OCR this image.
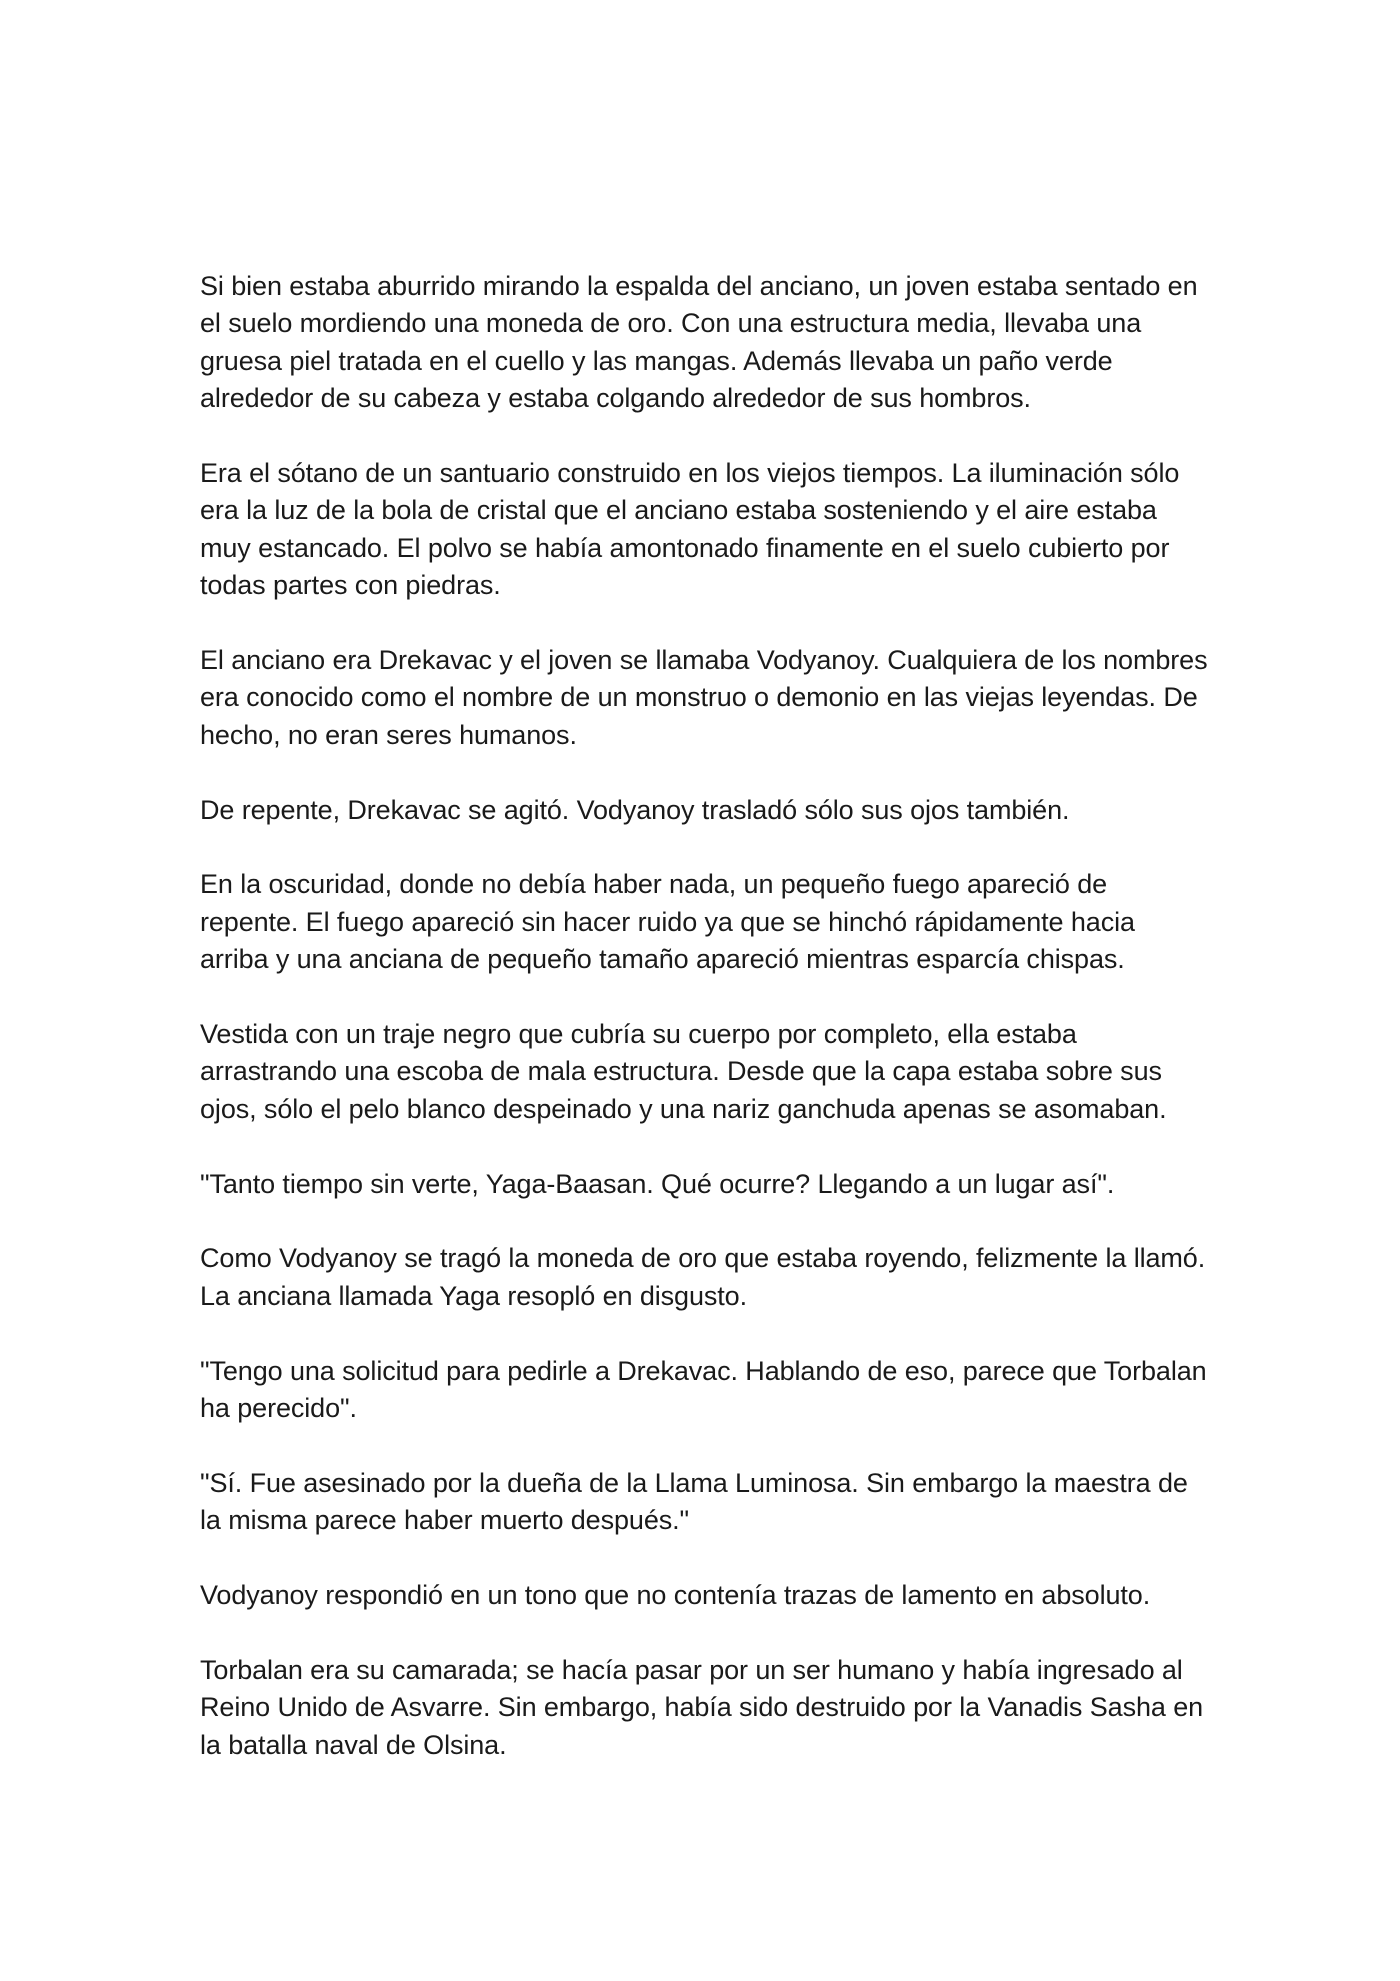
Si bien estaba aburrido mirando la espalda del anciano, un joven estaba sentado en el suelo mordiendo una moneda de oro. Con una estructura media, llevaba una gruesa piel tratada en el cuello y las mangas. Además llevaba un paño verde alrededor de su cabeza y estaba colgando alrededor de sus hombros.

Era el sótano de un santuario construido en los viejos tiempos. La iluminación sólo era la luz de la bola de cristal que el anciano estaba sosteniendo y el aire estaba muy estancado. El polvo se había amontonado finamente en el suelo cubierto por todas partes con piedras.

El anciano era Drekavac y el joven se llamaba Vodyanoy. Cualquiera de los nombres era conocido como el nombre de un monstruo o demonio en las viejas leyendas. De hecho, no eran seres humanos.

De repente, Drekavac se agitó. Vodyanoy trasladó sólo sus ojos también.

En la oscuridad, donde no debía haber nada, un pequeño fuego apareció de repente. El fuego apareció sin hacer ruido ya que se hinchó rápidamente hacia arriba y una anciana de pequeño tamaño apareció mientras esparcía chispas.

Vestida con un traje negro que cubría su cuerpo por completo, ella estaba arrastrando una escoba de mala estructura. Desde que la capa estaba sobre sus ojos, sólo el pelo blanco despeinado y una nariz ganchuda apenas se asomaban.

"Tanto tiempo sin verte, Yaga-Baasan. Qué ocurre? Llegando a un lugar así".

Como Vodyanoy se tragó la moneda de oro que estaba royendo, felizmente la llamó. La anciana llamada Yaga resopló en disgusto.

"Tengo una solicitud para pedirle a Drekavac. Hablando de eso, parece que Torbalan ha perecido".

"Sí. Fue asesinado por la dueña de la Llama Luminosa. Sin embargo la maestra de la misma parece haber muerto después."

Vodyanoy respondió en un tono que no contenía trazas de lamento en absoluto.

Torbalan era su camarada; se hacía pasar por un ser humano y había ingresado al Reino Unido de Asvarre. Sin embargo, había sido destruido por la Vanadis Sasha en la batalla naval de Olsina.
